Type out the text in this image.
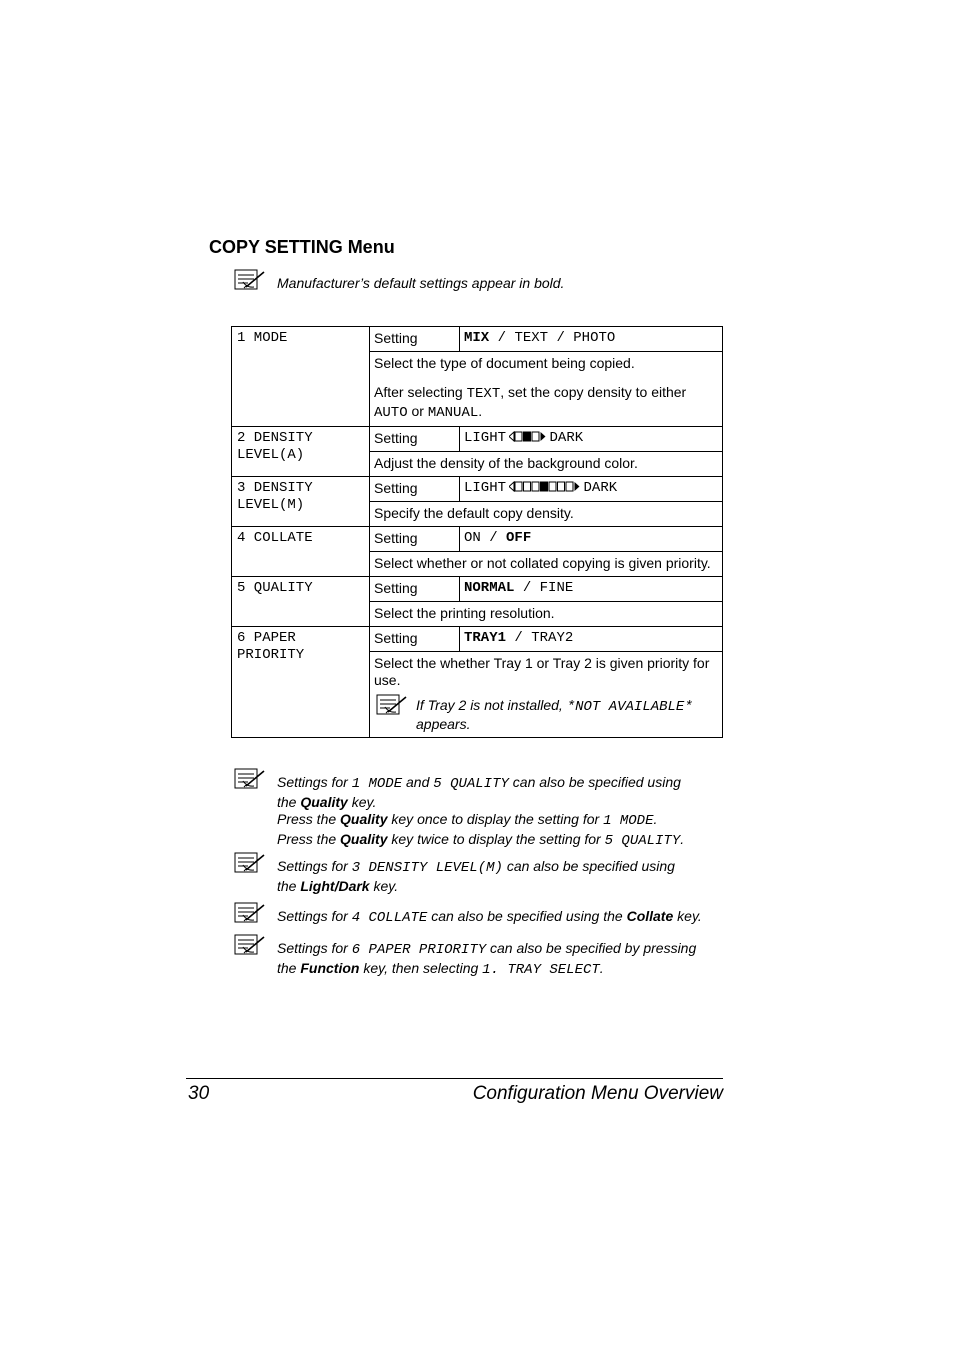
COPY SETTING Menu
Manufacturer’s default settings appear in bold.
1 MODE	Setting	MIX / TEXT / PHOTO

	Select the type of document being copied.

After selecting TEXT, set the copy density to either
AUTO or MANUAL.	

2 DENSITY
LEVEL(A)	Setting	LIGHT DARK
	Adjust the density of the background color.	
3 DENSITY
LEVEL(M)	Setting	LIGHT DARK
	Specify the default copy density.	
4 COLLATE	Setting	ON / OFF
	Select whether or not collated copying is given priority.	
5 QUALITY	Setting	NORMAL / FINE
	Select the printing resolution.	
6 PAPER
PRIORITY	Setting	TRAY1 / TRAY2

	Select the whether Tray 1 or Tray 2 is given priority for use.
If Tray 2 is not installed, *NOT AVAILABLE*
appears.	
Settings for 1 MODE and 5 QUALITY can also be specified using
the Quality key.
Press the Quality key once to display the setting for 1 MODE.
Press the Quality key twice to display the setting for 5 QUALITY.
Settings for 3 DENSITY LEVEL(M) can also be specified using
the Light/Dark key.
Settings for 4 COLLATE can also be specified using the Collate key.
Settings for 6 PAPER PRIORITY can also be specified by pressing
the Function key, then selecting 1. TRAY SELECT.
30	Configuration Menu Overview
